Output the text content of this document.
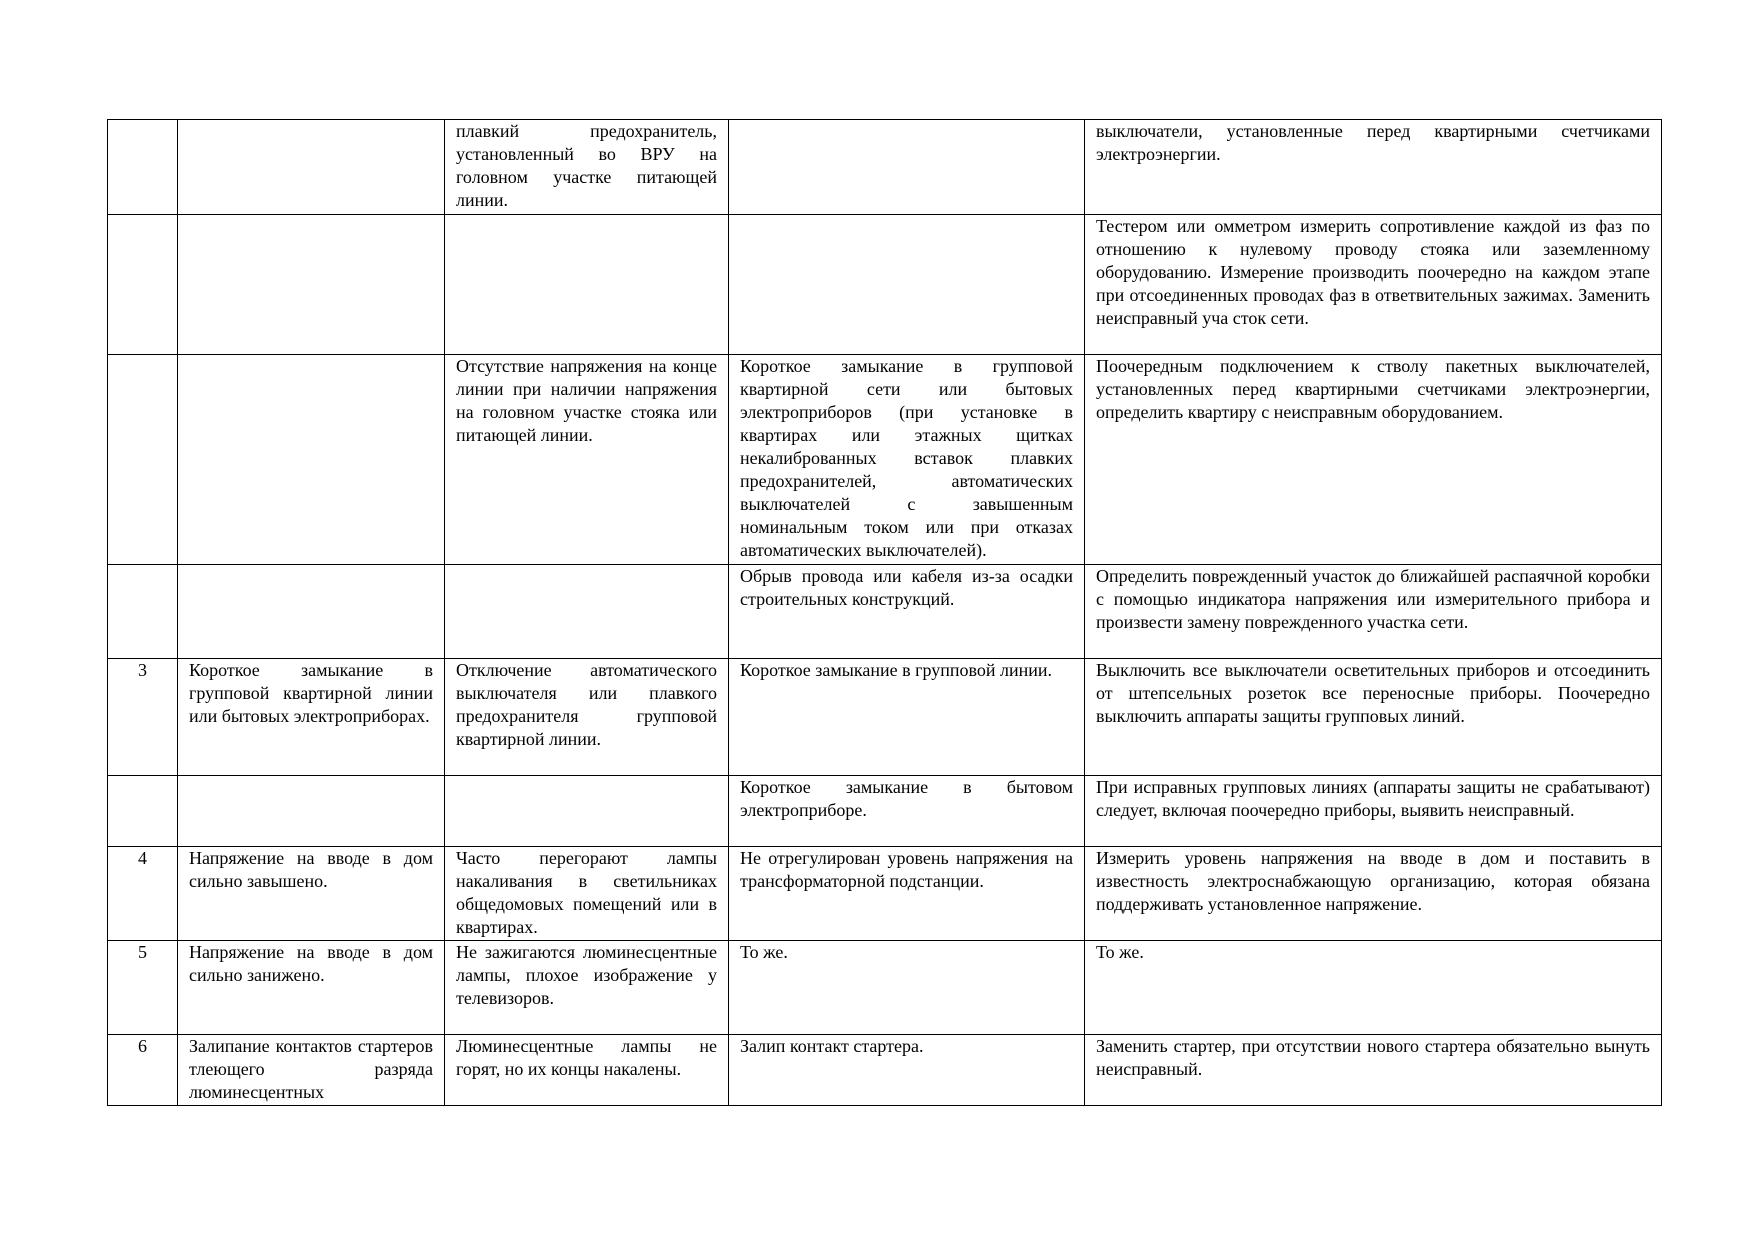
		плавкий предохранитель, установленный во ВРУ на головном участке питающей линии.		выключатели, установленные перед квартирными счетчиками электроэнергии.
				Тестером или омметром измерить сопротивление каждой из фаз по отношению к нулевому проводу стояка или заземленному оборудованию. Измерение производить поочередно на каждом этапе при отсоединенных проводах фаз в ответвительных зажимах. Заменить неисправный уча сток сети.
		Отсутствие напряжения на конце линии при наличии напряжения на головном участке стояка или питающей линии.	Короткое замыкание в групповой квартирной сети или бытовых электроприборов (при установке в квартирах или этажных щитках некалиброванных вставок плавких предохранителей, автоматических выключателей с завышенным номинальным током или при отказах автоматических выключателей).	Поочередным подключением к стволу пакетных выключателей, установленных перед квартирными счетчиками электроэнергии, определить квартиру с неисправным оборудованием.
			Обрыв провода или кабеля из-за осадки строительных конструкций.	Определить поврежденный участок до ближайшей распаячной коробки с помощью индикатора напряжения или измерительного прибора и произвести замену поврежденного участка сети.
3	Короткое замыкание в групповой квартирной линии или бытовых электроприборах.	Отключение автоматического выключателя или плавкого предохранителя групповой квартирной линии.	Короткое замыкание в групповой линии.	Выключить все выключатели осветительных приборов и отсоединить от штепсельных розеток все переносные приборы. Поочередно выключить аппараты защиты групповых линий.
			Короткое замыкание в бытовом электроприборе.	При исправных групповых линиях (аппараты защиты не срабатывают) следует, включая поочередно приборы, выявить неисправный.
4	Напряжение на вводе в дом сильно завышено.	Часто перегорают лампы накаливания в светильниках общедомовых помещений или в квартирах.	Не отрегулирован уровень напряжения на трансформаторной подстанции.	Измерить уровень напряжения на вводе в дом и поставить в известность электроснабжающую организацию, которая обязана поддерживать установленное напряжение.
5	Напряжение на вводе в дом сильно занижено.	Не зажигаются люминесцентные лампы, плохое изображение у телевизоров.	То же.	То же.
6	Залипание контактов стартеров тлеющего разряда люминесцентных	Люминесцентные лампы не горят, но их концы накалены.	Залип контакт стартера.	Заменить стартер, при отсутствии нового стартера обязательно вынуть неисправный.
